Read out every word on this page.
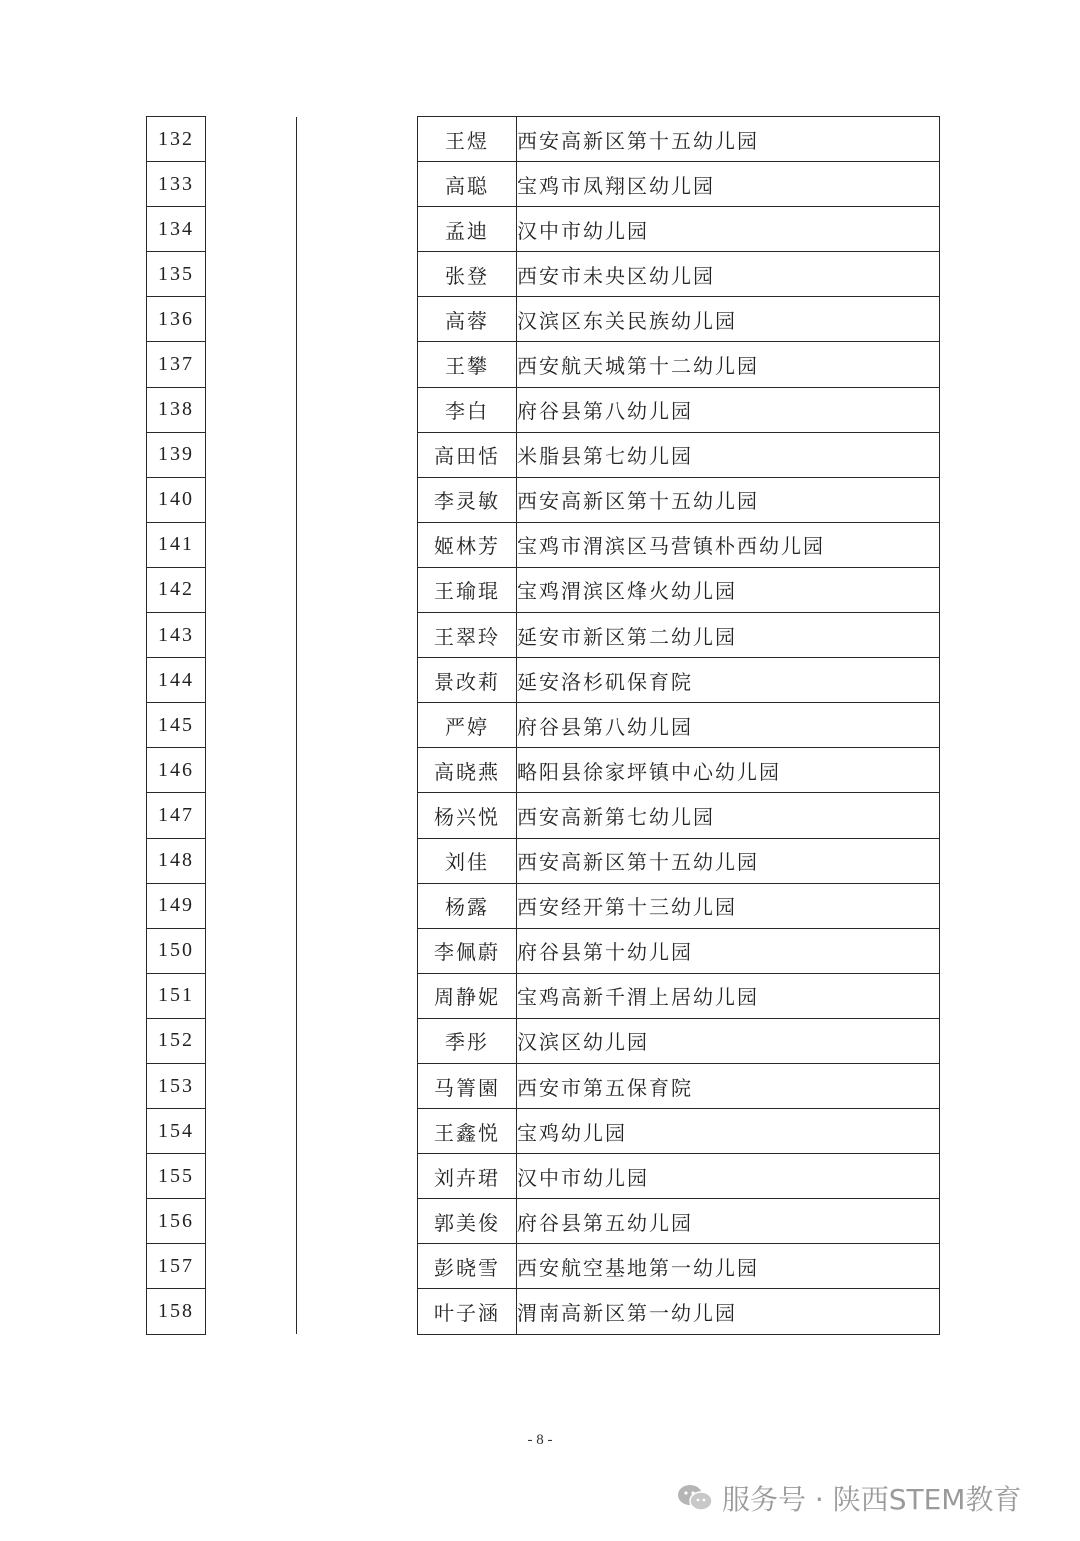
132			王煜	西安高新区第十五幼儿园
133			高聪	宝鸡市凤翔区幼儿园
134			孟迪	汉中市幼儿园
135			张登	西安市未央区幼儿园
136			高蓉	汉滨区东关民族幼儿园
137			王攀	西安航天城第十二幼儿园
138			李白	府谷县第八幼儿园
139			高田恬	米脂县第七幼儿园
140			李灵敏	西安高新区第十五幼儿园
141			姬林芳	宝鸡市渭滨区马营镇朴西幼儿园
142			王瑜琨	宝鸡渭滨区烽火幼儿园
143			王翠玲	延安市新区第二幼儿园
144			景改莉	延安洛杉矶保育院
145			严婷	府谷县第八幼儿园
146			高晓燕	略阳县徐家坪镇中心幼儿园
147			杨兴悦	西安高新第七幼儿园
148			刘佳	西安高新区第十五幼儿园
149			杨露	西安经开第十三幼儿园
150			李佩蔚	府谷县第十幼儿园
151			周静妮	宝鸡高新千渭上居幼儿园
152			季彤	汉滨区幼儿园
153			马箐園	西安市第五保育院
154			王鑫悦	宝鸡幼儿园
155			刘卉珺	汉中市幼儿园
156			郭美俊	府谷县第五幼儿园
157			彭晓雪	西安航空基地第一幼儿园
158			叶子涵	渭南高新区第一幼儿园
- 8 -
服务号 · 陕西STEM教育
